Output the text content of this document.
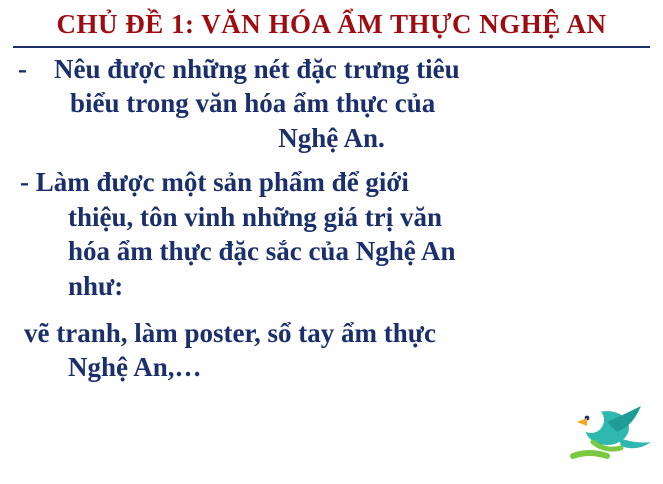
CHỦ ĐỀ 1: VĂN HÓA ẨM THỰC NGHỆ AN
- Nêu được những nét đặc trưng tiêu
biểu trong văn hóa ẩm thực của
Nghệ An.
- Làm được một sản phẩm để giới
thiệu, tôn vinh những giá trị văn
hóa ẩm thực đặc sắc của Nghệ An
như:
vẽ tranh, làm poster, sổ tay ẩm thực
Nghệ An,…
